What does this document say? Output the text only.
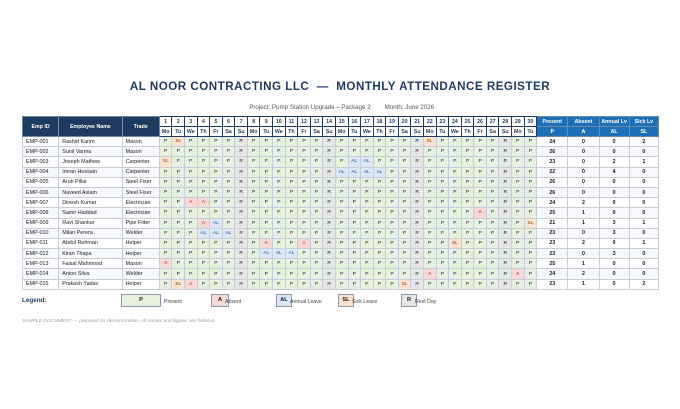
AL NOOR CONTRACTING LLC  —  MONTHLY ATTENDANCE REGISTER

Project: Pump Station Upgrade – Package 2 Month: June 2026

Emp ID	Employee Name	Trade	1	2	3	4	5	6	7	8	9	10	11	12	13	14	15	16	17	18	19	20	21	22	23	24	25	26	27	28	29	30	Present	Absent	Annual Lv	Sick Lv
			Mo	Tu	We	Th	Fr	Sa	Su	Mo	Tu	We	Th	Fr	Sa	Su	Mo	Tu	We	Th	Fr	Sa	Su	Mo	Tu	We	Th	Fr	Sa	Su	Mo	Tu	P	A	AL	SL
EMP-001	Rashid Karim	Mason	P	SL	P	P	P	P	R	P	P	P	P	P	P	R	P	P	P	P	P	P	R	SL	P	P	P	P	P	R	P	P	24	0	0	2
EMP-002	Sunil Varma	Mason	P	P	P	P	P	P	R	P	P	P	P	P	P	R	P	P	P	P	P	P	R	P	P	P	P	P	P	R	P	P	26	0	0	0
EMP-003	Joseph Mathew	Carpenter	SL	P	P	P	P	P	R	P	P	P	P	P	P	R	P	AL	AL	P	P	P	R	P	P	P	P	P	P	R	P	P	23	0	2	1
EMP-004	Imran Hossain	Carpenter	P	P	P	P	P	P	R	P	P	P	P	P	P	R	AL	AL	AL	AL	P	P	R	P	P	P	P	P	P	R	P	P	22	0	4	0
EMP-005	Arun Pillai	Steel Fixer	P	P	P	P	P	P	R	P	P	P	P	P	P	R	P	P	P	P	P	P	R	P	P	P	P	P	P	R	P	P	26	0	0	0
EMP-006	Naveed Aslam	Steel Fixer	P	P	P	P	P	P	R	P	P	P	P	P	P	R	P	P	P	P	P	P	R	P	P	P	P	P	P	R	P	P	26	0	0	0
EMP-007	Dinesh Kumar	Electrician	P	P	A	A	P	P	R	P	P	P	P	P	P	R	P	P	P	P	P	P	R	P	P	P	P	P	P	R	P	P	24	2	0	0
EMP-008	Samir Haddad	Electrician	P	P	P	P	P	P	R	P	P	P	P	P	P	R	P	P	P	P	P	P	R	P	P	P	P	A	P	R	P	P	25	1	0	0
EMP-009	Ravi Shankar	Pipe Fitter	P	P	P	A	AL	P	R	P	P	P	P	P	P	R	P	P	P	P	P	P	R	P	P	P	P	P	P	R	P	SL	21	1	3	1
EMP-010	Milan Perera	Welder	P	P	P	AL	AL	AL	R	P	P	P	P	P	P	R	P	P	P	P	P	P	R	P	P	P	P	P	P	R	P	P	23	0	3	0
EMP-011	Abdul Rehman	Helper	P	P	P	P	P	P	R	P	A	P	P	A	P	R	P	P	P	P	P	P	R	P	P	SL	P	P	P	R	P	P	23	2	0	1
EMP-012	Kiran Thapa	Helper	P	P	P	P	P	P	R	P	AL	AL	AL	P	P	R	P	P	P	P	P	P	R	P	P	P	P	P	P	R	P	P	23	0	3	0
EMP-013	Faisal Mahmood	Mason	A	P	P	P	P	P	R	P	P	P	P	P	P	R	P	P	P	P	P	P	R	P	P	P	P	P	P	R	P	P	25	1	0	0
EMP-014	Anton Silva	Welder	P	P	P	P	P	P	R	P	P	P	P	P	P	R	P	P	P	P	P	P	R	A	P	P	P	P	P	R	A	P	24	2	0	0
EMP-015	Prakash Yadav	Helper	P	SL	A	P	P	P	R	P	P	P	P	P	P	R	P	P	P	P	P	SL	R	P	P	P	P	P	P	R	P	P	23	1	0	2
Legend:	P	Present	A Absent	AL Annual Leave	SL Sick Leave	R Rest Day
SAMPLE DOCUMENT — prepared for demonstration. All names and figures are fictional.
